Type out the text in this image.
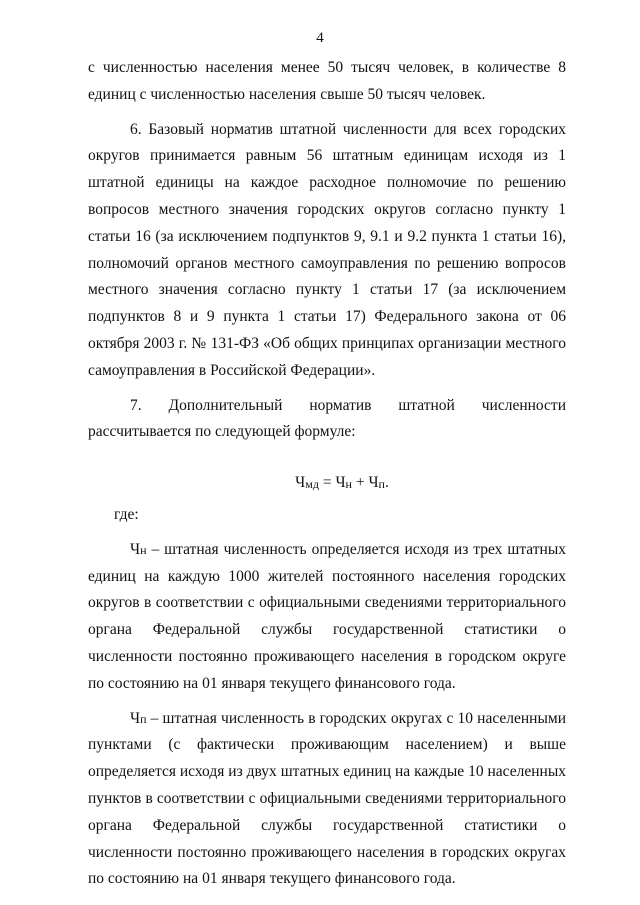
4

с численностью населения менее 50 тысяч человек, в количестве 8 единиц с численностью населения свыше 50 тысяч человек.

6. Базовый норматив штатной численности для всех городских округов принимается равным 56 штатным единицам исходя из 1 штатной единицы на каждое расходное полномочие по решению вопросов местного значения городских округов согласно пункту 1 статьи 16 (за исключением подпунктов 9, 9.1 и 9.2 пункта 1 статьи 16), полномочий органов местного самоуправления по решению вопросов местного значения согласно пункту 1 статьи 17 (за исключением подпунктов 8 и 9 пункта 1 статьи 17) Федерального закона от 06 октября 2003 г. № 131-ФЗ «Об общих принципах организации местного самоуправления в Российской Федерации».

7. Дополнительный норматив штатной численности рассчитывается по следующей формуле:

Чмд = Чн + Чп.

где:

Чн – штатная численность определяется исходя из трех штатных единиц на каждую 1000 жителей постоянного населения городских округов в соответствии с официальными сведениями территориального органа Федеральной службы государственной статистики о численности постоянно проживающего населения в городском округе по состоянию на 01 января текущего финансового года.

Чп – штатная численность в городских округах с 10 населенными пунктами (с фактически проживающим населением) и выше определяется исходя из двух штатных единиц на каждые 10 населенных пунктов в соответствии с официальными сведениями территориального органа Федеральной службы государственной статистики о численности постоянно проживающего населения в городских округах по состоянию на 01 января текущего финансового года.
